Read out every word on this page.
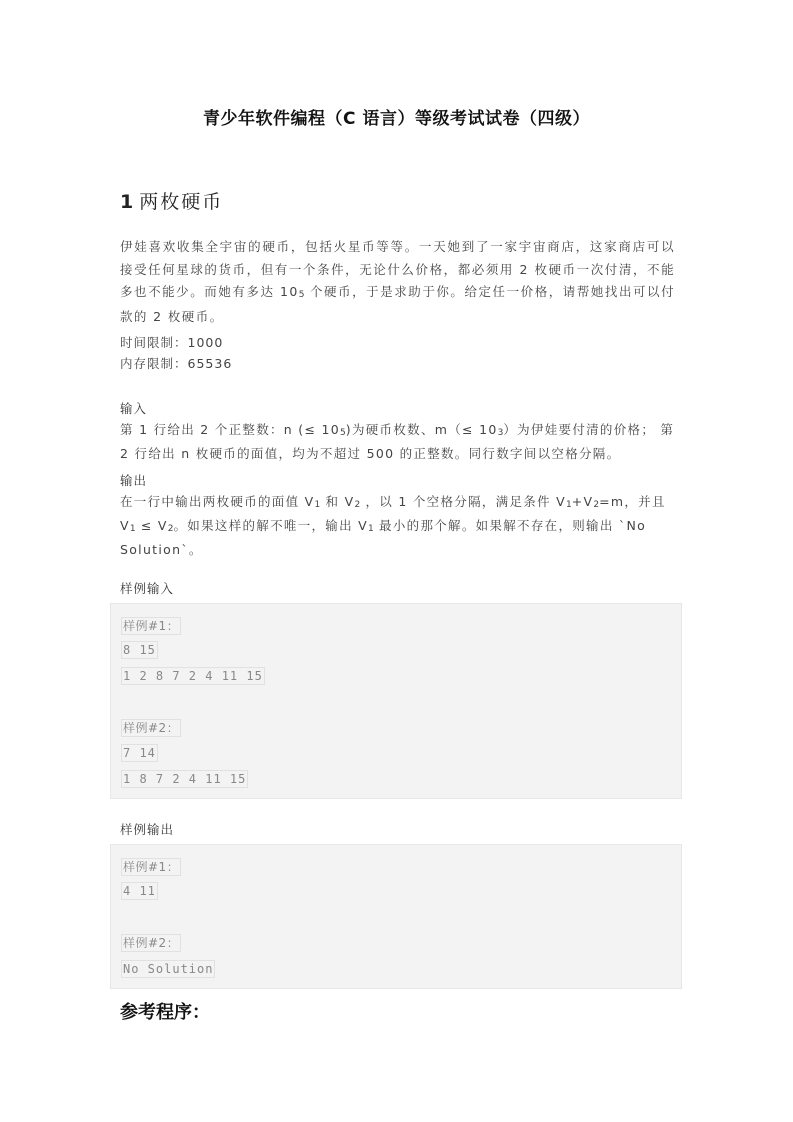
青少年软件编程（C 语言）等级考试试卷（四级）
1 两枚硬币
伊娃喜欢收集全宇宙的硬币，包括火星币等等。一天她到了一家宇宙商店，这家商店可以接受任何星球的货币，但有一个条件，无论什么价格，都必须用 2 枚硬币一次付清，不能多也不能少。而她有多达 $10_5$ 个硬币，于是求助于你。给定任一价格，请帮她找出可以付款的 2 枚硬币。
时间限制：1000
内存限制：65536
输入
第 1 行给出 2 个正整数：n (≤ $10_5$)为硬币枚数、$m(\le 10_3)$为伊娃要付清的价格； 第 2 行给出 n 枚硬币的面值，均为不超过 500 的正整数。同行数字间以空格分隔。
输出
在一行中输出两枚硬币的面值 $V_1$ 和 $V_2$ ，以 1 个空格分隔，满足条件 $V_1+V_2=m$，并且 $V_1 \le V_2$。如果这样的解不唯一，输出 $V_1$ 最小的那个解。如果解不存在，则输出 `No Solution`。
样例输入
样例#1：
8 15
1 2 8 7 2 4 11 15
样例#2：
7 14
1 8 7 2 4 11 15
样例输出
样例#1：
4 11
样例#2：
No Solution
参考程序：
